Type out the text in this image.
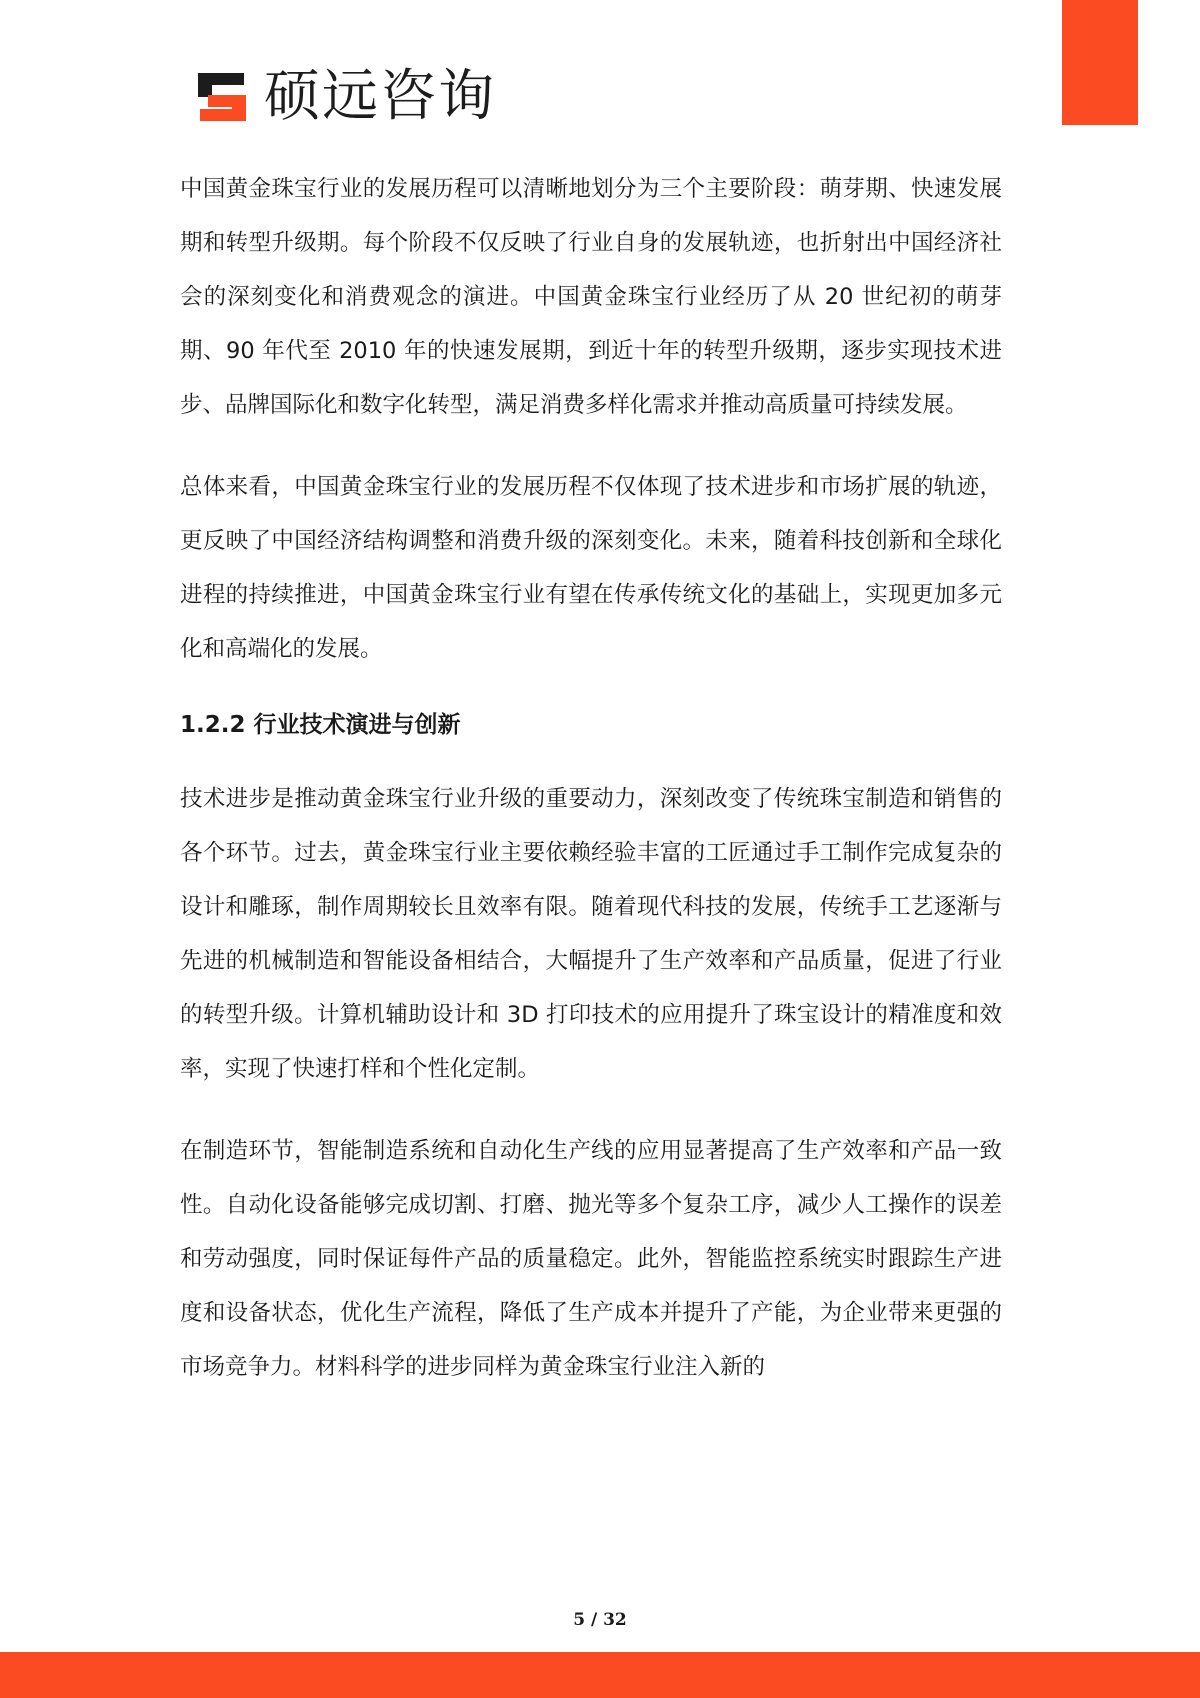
硕远咨询

中国黄金珠宝行业的发展历程可以清晰地划分为三个主要阶段：萌芽期、快速发展期和转型升级期。每个阶段不仅反映了行业自身的发展轨迹，也折射出中国经济社会的深刻变化和消费观念的演进。中国黄金珠宝行业经历了从 20 世纪初的萌芽期、90 年代至 2010 年的快速发展期，到近十年的转型升级期，逐步实现技术进步、品牌国际化和数字化转型，满足消费多样化需求并推动高质量可持续发展。

总体来看，中国黄金珠宝行业的发展历程不仅体现了技术进步和市场扩展的轨迹，更反映了中国经济结构调整和消费升级的深刻变化。未来，随着科技创新和全球化进程的持续推进，中国黄金珠宝行业有望在传承传统文化的基础上，实现更加多元化和高端化的发展。

1.2.2 行业技术演进与创新

技术进步是推动黄金珠宝行业升级的重要动力，深刻改变了传统珠宝制造和销售的各个环节。过去，黄金珠宝行业主要依赖经验丰富的工匠通过手工制作完成复杂的设计和雕琢，制作周期较长且效率有限。随着现代科技的发展，传统手工艺逐渐与先进的机械制造和智能设备相结合，大幅提升了生产效率和产品质量，促进了行业的转型升级。计算机辅助设计和 3D 打印技术的应用提升了珠宝设计的精准度和效率，实现了快速打样和个性化定制。

在制造环节，智能制造系统和自动化生产线的应用显著提高了生产效率和产品一致性。自动化设备能够完成切割、打磨、抛光等多个复杂工序，减少人工操作的误差和劳动强度，同时保证每件产品的质量稳定。此外，智能监控系统实时跟踪生产进度和设备状态，优化生产流程，降低了生产成本并提升了产能，为企业带来更强的市场竞争力。材料科学的进步同样为黄金珠宝行业注入新的

5 / 32
